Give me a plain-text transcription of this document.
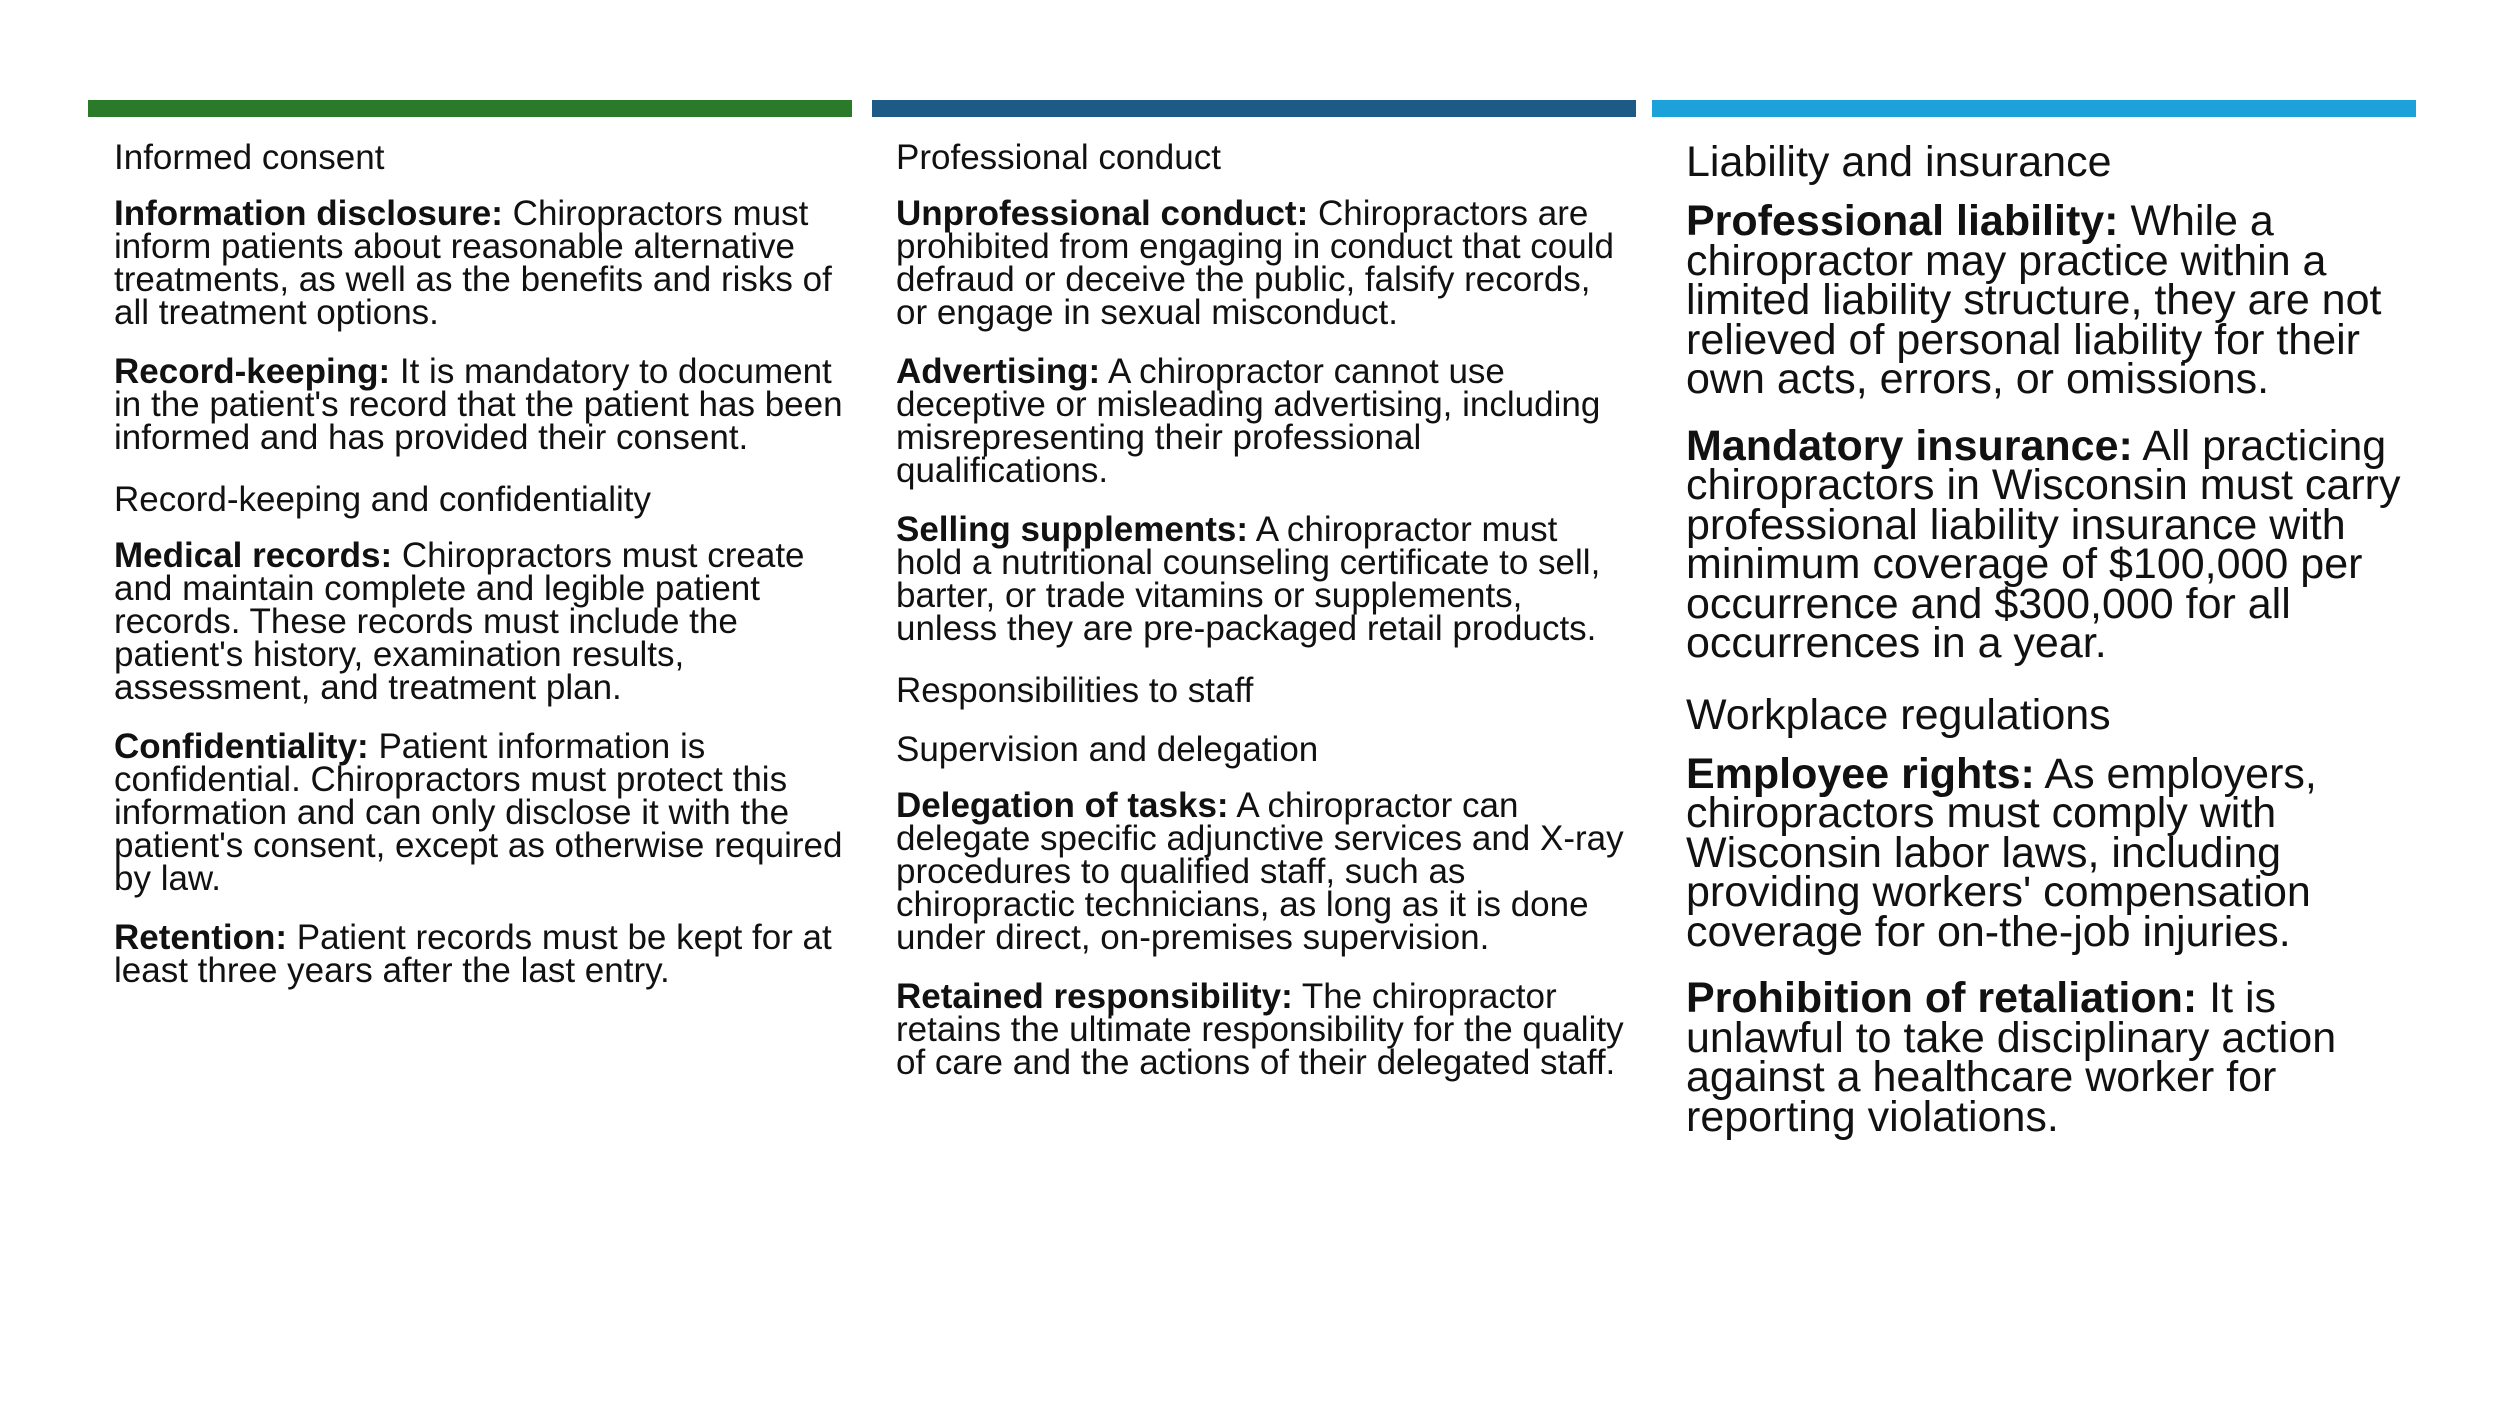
Informed consent
Information disclosure: Chiropractors must inform patients about reasonable alternative treatments, as well as the benefits and risks of all treatment options.
Record-keeping: It is mandatory to document in the patient's record that the patient has been informed and has provided their consent.
Record-keeping and confidentiality
Medical records: Chiropractors must create and maintain complete and legible patient records. These records must include the patient's history, examination results, assessment, and treatment plan.
Confidentiality: Patient information is confidential. Chiropractors must protect this information and can only disclose it with the patient's consent, except as otherwise required by law.
Retention: Patient records must be kept for at least three years after the last entry.
Professional conduct
Unprofessional conduct: Chiropractors are prohibited from engaging in conduct that could defraud or deceive the public, falsify records, or engage in sexual misconduct.
Advertising: A chiropractor cannot use deceptive or misleading advertising, including misrepresenting their professional qualifications.
Selling supplements: A chiropractor must hold a nutritional counseling certificate to sell, barter, or trade vitamins or supplements, unless they are pre-packaged retail products.
Responsibilities to staff
Supervision and delegation
Delegation of tasks: A chiropractor can delegate specific adjunctive services and X-ray procedures to qualified staff, such as chiropractic technicians, as long as it is done under direct, on-premises supervision.
Retained responsibility: The chiropractor retains the ultimate responsibility for the quality of care and the actions of their delegated staff.
Liability and insurance
Professional liability: While a chiropractor may practice within a limited liability structure, they are not relieved of personal liability for their own acts, errors, or omissions.
Mandatory insurance: All practicing chiropractors in Wisconsin must carry professional liability insurance with minimum coverage of $100,000 per occurrence and $300,000 for all occurrences in a year.
Workplace regulations
Employee rights: As employers, chiropractors must comply with Wisconsin labor laws, including providing workers' compensation coverage for on-the-job injuries.
Prohibition of retaliation: It is unlawful to take disciplinary action against a healthcare worker for reporting violations.
